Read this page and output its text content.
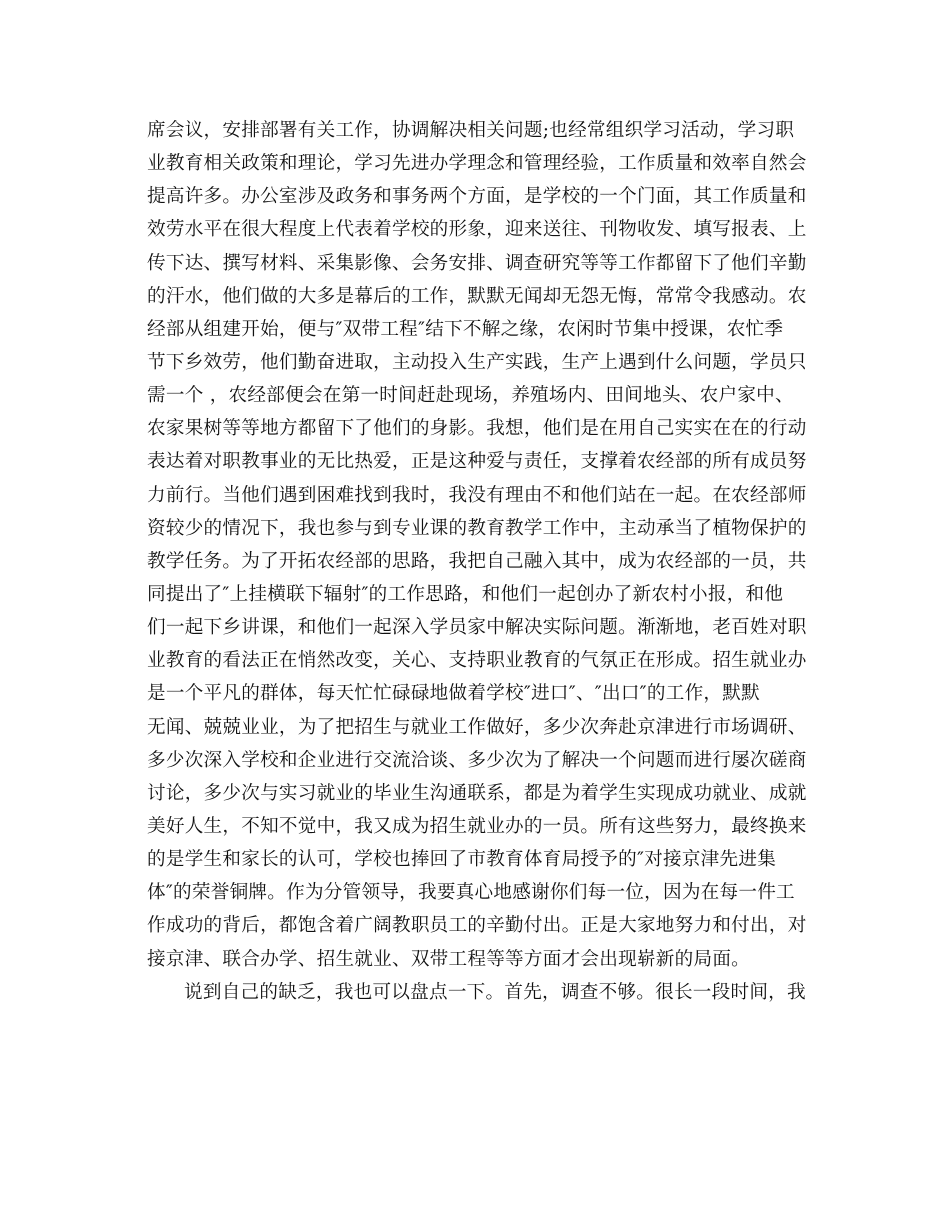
席会议，安排部署有关工作，协调解决相关问题;也经常组织学习活动，学习职
业教育相关政策和理论，学习先进办学理念和管理经验，工作质量和效率自然会
提高许多。办公室涉及政务和事务两个方面，是学校的一个门面，其工作质量和
效劳水平在很大程度上代表着学校的形象，迎来送往、刊物收发、填写报表、上
传下达、撰写材料、采集影像、会务安排、调查研究等等工作都留下了他们辛勤
的汗水，他们做的大多是幕后的工作，默默无闻却无怨无悔，常常令我感动。农
经部从组建开始，便与″双带工程″结下不解之缘，农闲时节集中授课，农忙季
节下乡效劳，他们勤奋进取，主动投入生产实践，生产上遇到什么问题，学员只
需一个 ，农经部便会在第一时间赶赴现场，养殖场内、田间地头、农户家中、
农家果树等等地方都留下了他们的身影。我想，他们是在用自己实实在在的行动
表达着对职教事业的无比热爱，正是这种爱与责任，支撑着农经部的所有成员努
力前行。当他们遇到困难找到我时，我没有理由不和他们站在一起。在农经部师
资较少的情况下，我也参与到专业课的教育教学工作中，主动承当了植物保护的
教学任务。为了开拓农经部的思路，我把自己融入其中，成为农经部的一员，共
同提出了″上挂横联下辐射″的工作思路，和他们一起创办了新农村小报，和他
们一起下乡讲课，和他们一起深入学员家中解决实际问题。渐渐地，老百姓对职
业教育的看法正在悄然改变，关心、支持职业教育的气氛正在形成。招生就业办
是一个平凡的群体，每天忙忙碌碌地做着学校″进口″、″出口″的工作，默默
无闻、兢兢业业，为了把招生与就业工作做好，多少次奔赴京津进行市场调研、
多少次深入学校和企业进行交流洽谈、多少次为了解决一个问题而进行屡次磋商
讨论，多少次与实习就业的毕业生沟通联系，都是为着学生实现成功就业、成就
美好人生，不知不觉中，我又成为招生就业办的一员。所有这些努力，最终换来
的是学生和家长的认可，学校也捧回了市教育体育局授予的″对接京津先进集
体″的荣誉铜牌。作为分管领导，我要真心地感谢你们每一位，因为在每一件工
作成功的背后，都饱含着广阔教职员工的辛勤付出。正是大家地努力和付出，对
接京津、联合办学、招生就业、双带工程等等方面才会出现崭新的局面。
说到自己的缺乏，我也可以盘点一下。首先，调查不够。很长一段时间，我
